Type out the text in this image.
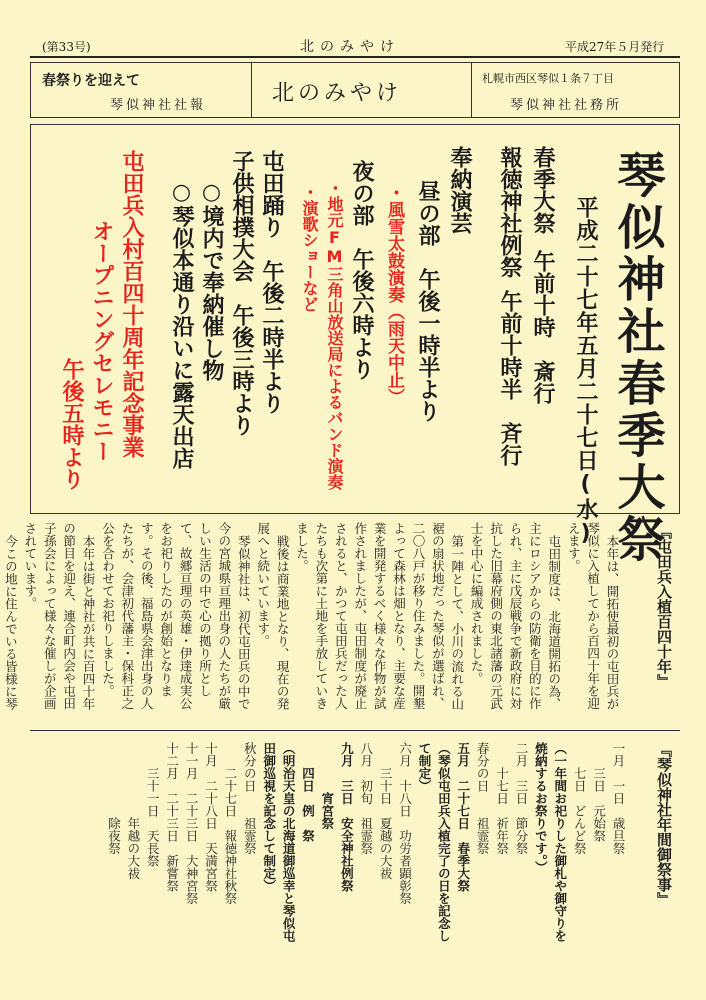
(第33号)	北のみやけ	平成27年５月発行
春祭りを迎えて
琴似神社社報	北のみやけ
札幌市西区琴似１条７丁目
琴似神社社務所
琴似神社春季大祭
平成二十七年五月二十七日(水)
春季大祭
午前十時　斎行
報徳神社例祭
午前十時半　斉行
奉納演芸
昼の部　午後一時半より
・風雪太鼓演奏（雨天中止）
夜の部　午後六時より
・地元FM三角山放送局によるバンド演奏
・演歌ショーなど
屯田踊り　午後二時半より
子供相撲大会　午後三時より
○境内で奉納催し物
○琴似本通り沿いに露天出店
屯田兵入村百四十周年記念事業
オープニングセレモニー
午後五時より
『屯田兵入植百四十年』

本年は、開拓使最初の屯田兵が琴似に入植してから百四十年を迎えます。

屯田制度は、北海道開拓の為、主にロシアからの防衛を目的に作られ、主に戊辰戦争で新政府に対抗した旧幕府側の東北諸藩の元武士を中心に編成されました。

第一陣として、小川の流れる山裾の扇状地だった琴似が選ばれ、二〇八戸が移り住みました。開墾よって森林は畑となり、主要な産業を開発するべく様々な作物が試作されましたが、屯田制度が廃止されると、かつて屯田兵だった人たちも次第に土地を手放していきました。

戦後は商業地となり、現在の発展へと続いています。

琴似神社は、初代屯田兵の中で今の宮城県亘理出身の人たちが厳しい生活の中で心の拠り所として、故郷亘理の英雄・伊達成実公をお祀りしたのが創始となります。その後、福島県会津出身の人たちが、会津初代藩主・保科正之公を合わせてお祀りしました。

本年は街と神社が共に百四十年の節目を迎え、連合町内会や屯田子孫会によって様々な催しが企画されています。

今この地に住んでいる皆様に琴

『琴似神社年間御祭事』
一月　一日　歳旦祭
　　三日　元始祭
　　七日　どんど祭
（一年間お祀りした御札や御守りを焼納するお祭りです。）
二月　三日　節分祭
　　十七日　祈年祭
春分の日　　祖霊祭
五月　二十七日　春季大祭
（琴似屯田兵入植完了の日を記念して制定）
六月　十八日　功労者顕彰祭
　　三十日　夏越の大祓
八月　初旬　祖霊祭
九月　三日　安全神社例祭
　　　　宵宮祭
　　四日　例　祭
（明治天皇の北海道御巡幸と琴似屯田御巡視を記念して制定）
秋分の日　　祖霊祭
　　二十七日　報徳神社秋祭
十月　二十八日　天満宮祭
十一月　二十三日　大神宮祭
十二月　二十三日　新嘗祭
　　三十一日　天長祭
　　　　　　年越の大祓
　　　　　　除夜祭
